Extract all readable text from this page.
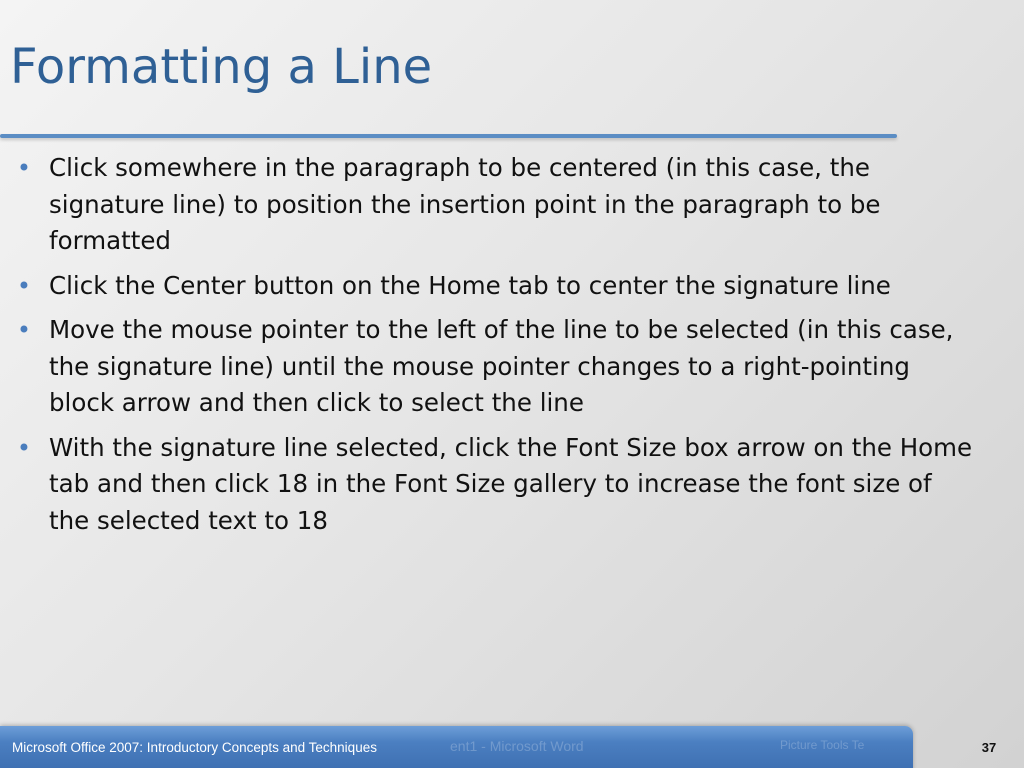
Formatting a Line
• Click somewhere in the paragraph to be centered (in this case, the signature line) to position the insertion point in the paragraph to be formatted
• Click the Center button on the Home tab to center the signature line
• Move the mouse pointer to the left of the line to be selected (in this case, the signature line) until the mouse pointer changes to a right-pointing block arrow and then click to select the line
• With the signature line selected, click the Font Size box arrow on the Home tab and then click 18 in the Font Size gallery to increase the font size of the selected text to 18
ent1 - Microsoft Word	Picture Tools Te
Microsoft Office 2007: Introductory Concepts and Techniques	37
